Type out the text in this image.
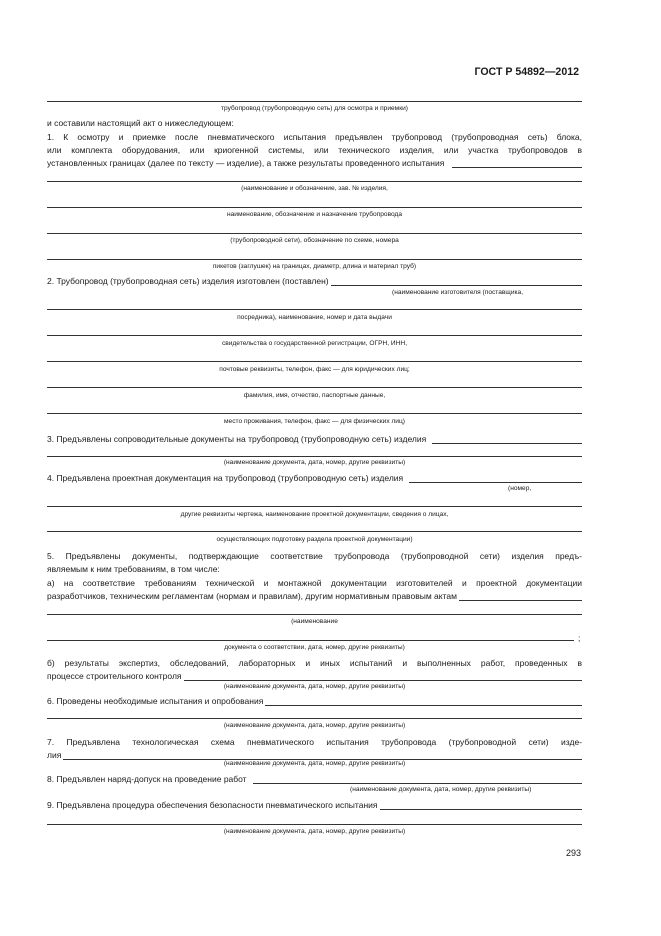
ГОСТ Р 54892—2012
трубопровод (трубопроводную сеть) для осмотра и приемки)
и составили настоящий акт о нижеследующем:
1. К осмотру и приемке после пневматического испытания предъявлен трубопровод (трубопроводная сеть) блока,
или комплекта оборудования, или криогенной системы, или технического изделия, или участка трубопроводов в
установленных границах (далее по тексту — изделие), а также результаты проведенного испытания
(наименование и обозначение, зав. № изделия,
наименование, обозначение и назначение трубопровода
(трубопроводной сети), обозначение по схеме, номера
пикетов (заглушек) на границах, диаметр, длина и материал труб)
2. Трубопровод (трубопроводная сеть) изделия изготовлен (поставлен)
(наименование изготовителя (поставщика,
посредника), наименование, номер и дата выдачи
свидетельства о государственной регистрации, ОГРН, ИНН,
почтовые реквизиты, телефон, факс — для юридических лиц;
фамилия, имя, отчество, паспортные данные,
место проживания, телефон, факс — для физических лиц)
3. Предъявлены сопроводительные документы на трубопровод (трубопроводную сеть) изделия
(наименование документа, дата, номер, другие реквизиты)
4. Предъявлена проектная документация на трубопровод (трубопроводную сеть) изделия
(номер,
другие реквизиты чертежа, наименование проектной документации, сведения о лицах,
осуществляющих подготовку раздела проектной документации)
5. Предъявлены документы, подтверждающие соответствие трубопровода (трубопроводной сети) изделия предъ-
являемым к ним требованиям, в том числе:
а) на соответствие требованиям технической и монтажной документации изготовителей и проектной документации
разработчиков, техническим регламентам (нормам и правилам), другим нормативным правовым актам
(наименование
;
документа о соответствии, дата, номер, другие реквизиты)
б) результаты экспертиз, обследований, лабораторных и иных испытаний и выполненных работ, проведенных в
процессе строительного контроля
(наименование документа, дата, номер, другие реквизиты)
6. Проведены необходимые испытания и опробования
(наименование документа, дата, номер, другие реквизиты)
7. Предъявлена технологическая схема пневматического испытания трубопровода (трубопроводной сети) изде-
лия
(наименование документа, дата, номер, другие реквизиты)
8. Предъявлен наряд-допуск на проведение работ
(наименование документа, дата, номер, другие реквизиты)
9. Предъявлена процедура обеспечения безопасности пневматического испытания
(наименование документа, дата, номер, другие реквизиты)
293
